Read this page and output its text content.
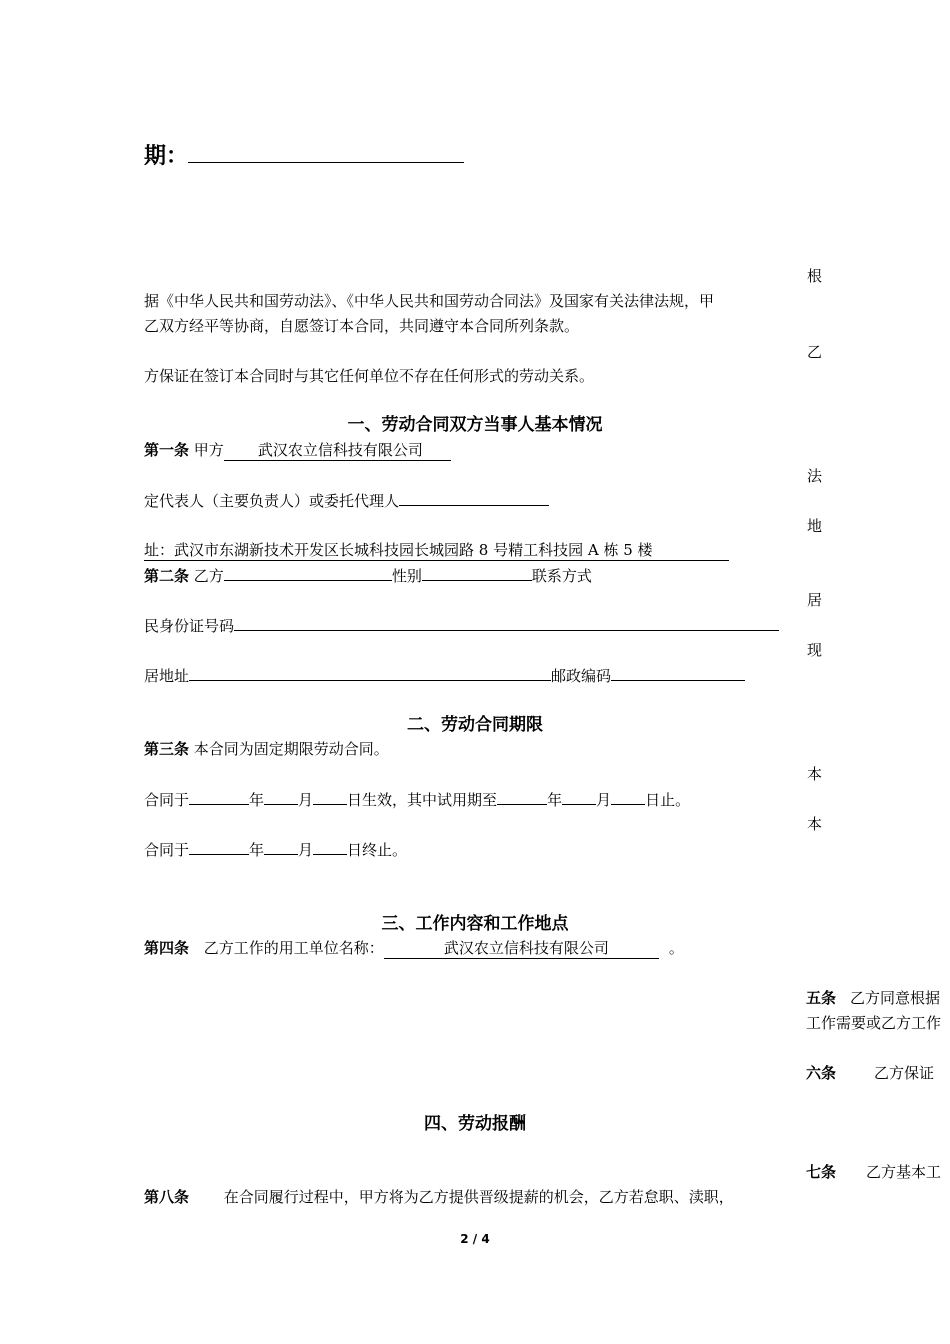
期：
根
乙
法
地
居
现
本
本
据《中华人民共和国劳动法》、《中华人民共和国劳动合同法》及国家有关法律法规，甲
乙双方经平等协商，自愿签订本合同，共同遵守本合同所列条款。
方保证在签订本合同时与其它任何单位不存在任何形式的劳动关系。
一、劳动合同双方当事人基本情况
第一条 甲方 武汉农立信科技有限公司
定代表人（主要负责人）或委托代理人
址：武汉市东湖新技术开发区长城科技园长城园路 8 号精工科技园 A 栋 5 楼
第二条 乙方	性别	联系方式
民身份证号码
居地址	邮政编码
二、劳动合同期限
第三条 本合同为固定期限劳动合同。
合同于	年 月 日生效，其中试用期至	年 月 日止。
合同于	年 月 日终止。
三、工作内容和工作地点
第四条 乙方工作的用工单位名称：	武汉农立信科技有限公司	。
五条 乙方同意根据
工作需要或乙方工作
六条	乙方保证
七条 乙方基本工
四、劳动报酬
第八条 在合同履行过程中，甲方将为乙方提供晋级提薪的机会，乙方若怠职、渎职，
2 / 4
